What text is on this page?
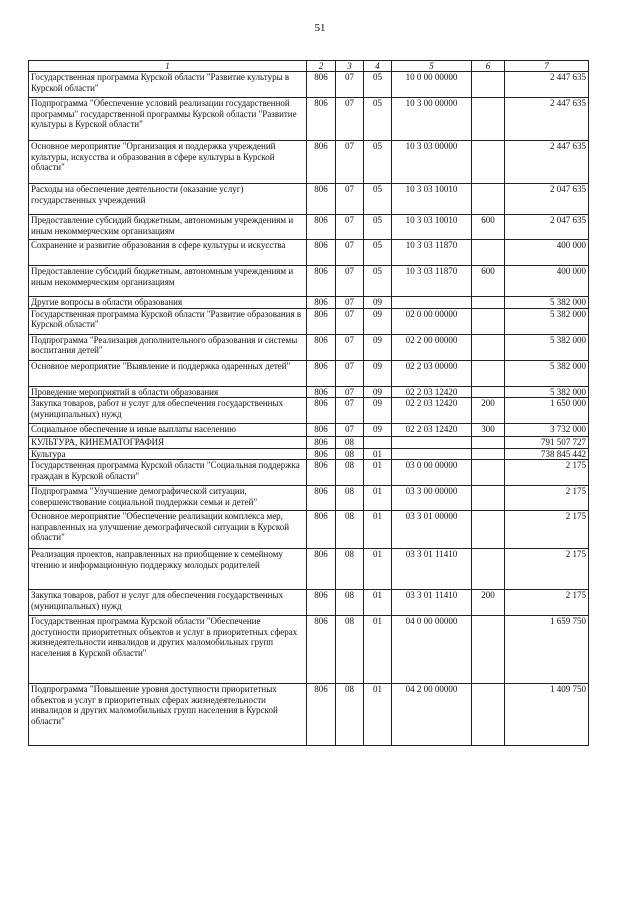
51
1	2	3	4	5	6	7
Государственная программа Курской области "Развитие культуры в Курской области"	806	07	05	10 0 00 00000		2 447 635
Подпрограмма "Обеспечение условий реализации государственной программы" государственной программы Курской области "Развитие культуры в Курской области"	806	07	05	10 3 00 00000		2 447 635
Основное мероприятие "Организация и поддержка учреждений культуры, искусства и образования в сфере культуры в Курской области"	806	07	05	10 3 03 00000		2 447 635
Расходы на обеспечение деятельности (оказание услуг) государственных учреждений	806	07	05	10 3 03 10010		2 047 635
Предоставление субсидий бюджетным, автономным учреждениям и иным некоммерческим организациям	806	07	05	10 3 03 10010	600	2 047 635
Сохранение и развитие образования в сфере культуры и искусства	806	07	05	10 3 03 11870		400 000
Предоставление субсидий бюджетным, автономным учреждениям и иным некоммерческим организациям	806	07	05	10 3 03 11870	600	400 000
Другие вопросы в области образования	806	07	09			5 382 000
Государственная программа Курской области "Развитие образования в Курской области"	806	07	09	02 0 00 00000		5 382 000
Подпрограмма "Реализация дополнительного образования и системы воспитания детей"	806	07	09	02 2 00 00000		5 382 000
Основное мероприятие "Выявление и поддержка одаренных детей"	806	07	09	02 2 03 00000		5 382 000
Проведение мероприятий в области образования	806	07	09	02 2 03 12420		5 382 000
Закупка товаров, работ и услуг для обеспечения государственных (муниципальных) нужд	806	07	09	02 2 03 12420	200	1 650 000
Социальное обеспечение и иные выплаты населению	806	07	09	02 2 03 12420	300	3 732 000
КУЛЬТУРА, КИНЕМАТОГРАФИЯ	806	08				791 507 727
Культура	806	08	01			738 845 442
Государственная программа Курской области "Социальная поддержка граждан в Курской области"	806	08	01	03 0 00 00000		2 175
Подпрограмма "Улучшение демографической ситуации, совершенствование социальной поддержки семьи и детей"	806	08	01	03 3 00 00000		2 175
Основное мероприятие "Обеспечение реализации комплекса мер, направленных на улучшение демографической ситуации в Курской области"	806	08	01	03 3 01 00000		2 175
Реализация проектов, направленных на приобщение к семейному чтению и информационную поддержку молодых родителей	806	08	01	03 3 01 11410		2 175
Закупка товаров, работ и услуг для обеспечения государственных (муниципальных) нужд	806	08	01	03 3 01 11410	200	2 175
Государственная программа Курской области "Обеспечение доступности приоритетных объектов и услуг в приоритетных сферах жизнедеятельности инвалидов и других маломобильных групп населения в Курской области"	806	08	01	04 0 00 00000		1 659 750
Подпрограмма "Повышение уровня доступности приоритетных объектов и услуг в приоритетных сферах жизнедеятельности инвалидов и других маломобильных групп населения в Курской области"	806	08	01	04 2 00 00000		1 409 750
